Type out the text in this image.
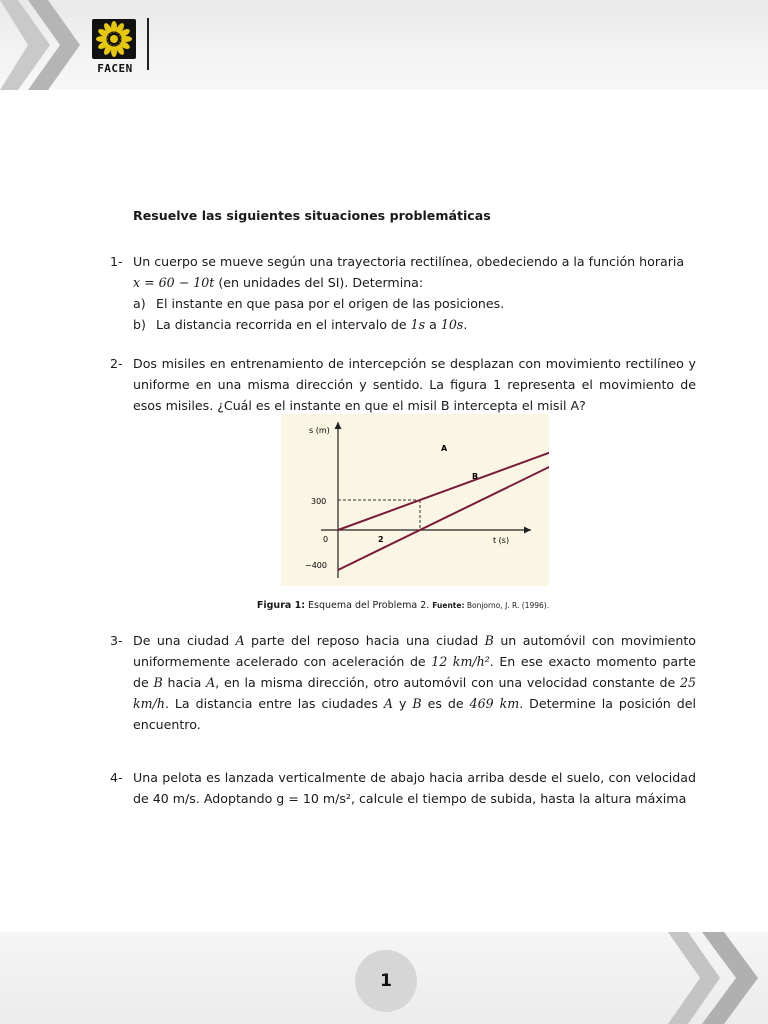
FACEN
Resuelve las siguientes situaciones problemáticas
1- Un cuerpo se mueve según una trayectoria rectilínea, obedeciendo a la función horaria
x = 60 − 10t (en unidades del SI). Determina:
a) El instante en que pasa por el origen de las posiciones.
b) La distancia recorrida en el intervalo de 1s a 10s.
2- Dos misiles en entrenamiento de intercepción se desplazan con movimiento rectilíneo y uniforme en una misma dirección y sentido. La figura 1 representa el movimiento de esos misiles. ¿Cuál es el instante en que el misil B intercepta el misil A?
s (m)
t (s)
300
0
−400
2
A
B
Figura 1: Esquema del Problema 2. Fuente: Bonjorno, J. R. (1996).
3- De una ciudad A parte del reposo hacia una ciudad B un automóvil con movimiento uniformemente acelerado con aceleración de 12 km/h². En ese exacto momento parte de B hacia A, en la misma dirección, otro automóvil con una velocidad constante de 25 km/h. La distancia entre las ciudades A y B es de 469 km. Determine la posición del encuentro.
4- Una pelota es lanzada verticalmente de abajo hacia arriba desde el suelo, con velocidad de 40 m/s. Adoptando g = 10 m/s², calcule el tiempo de subida, hasta la altura máxima
1
